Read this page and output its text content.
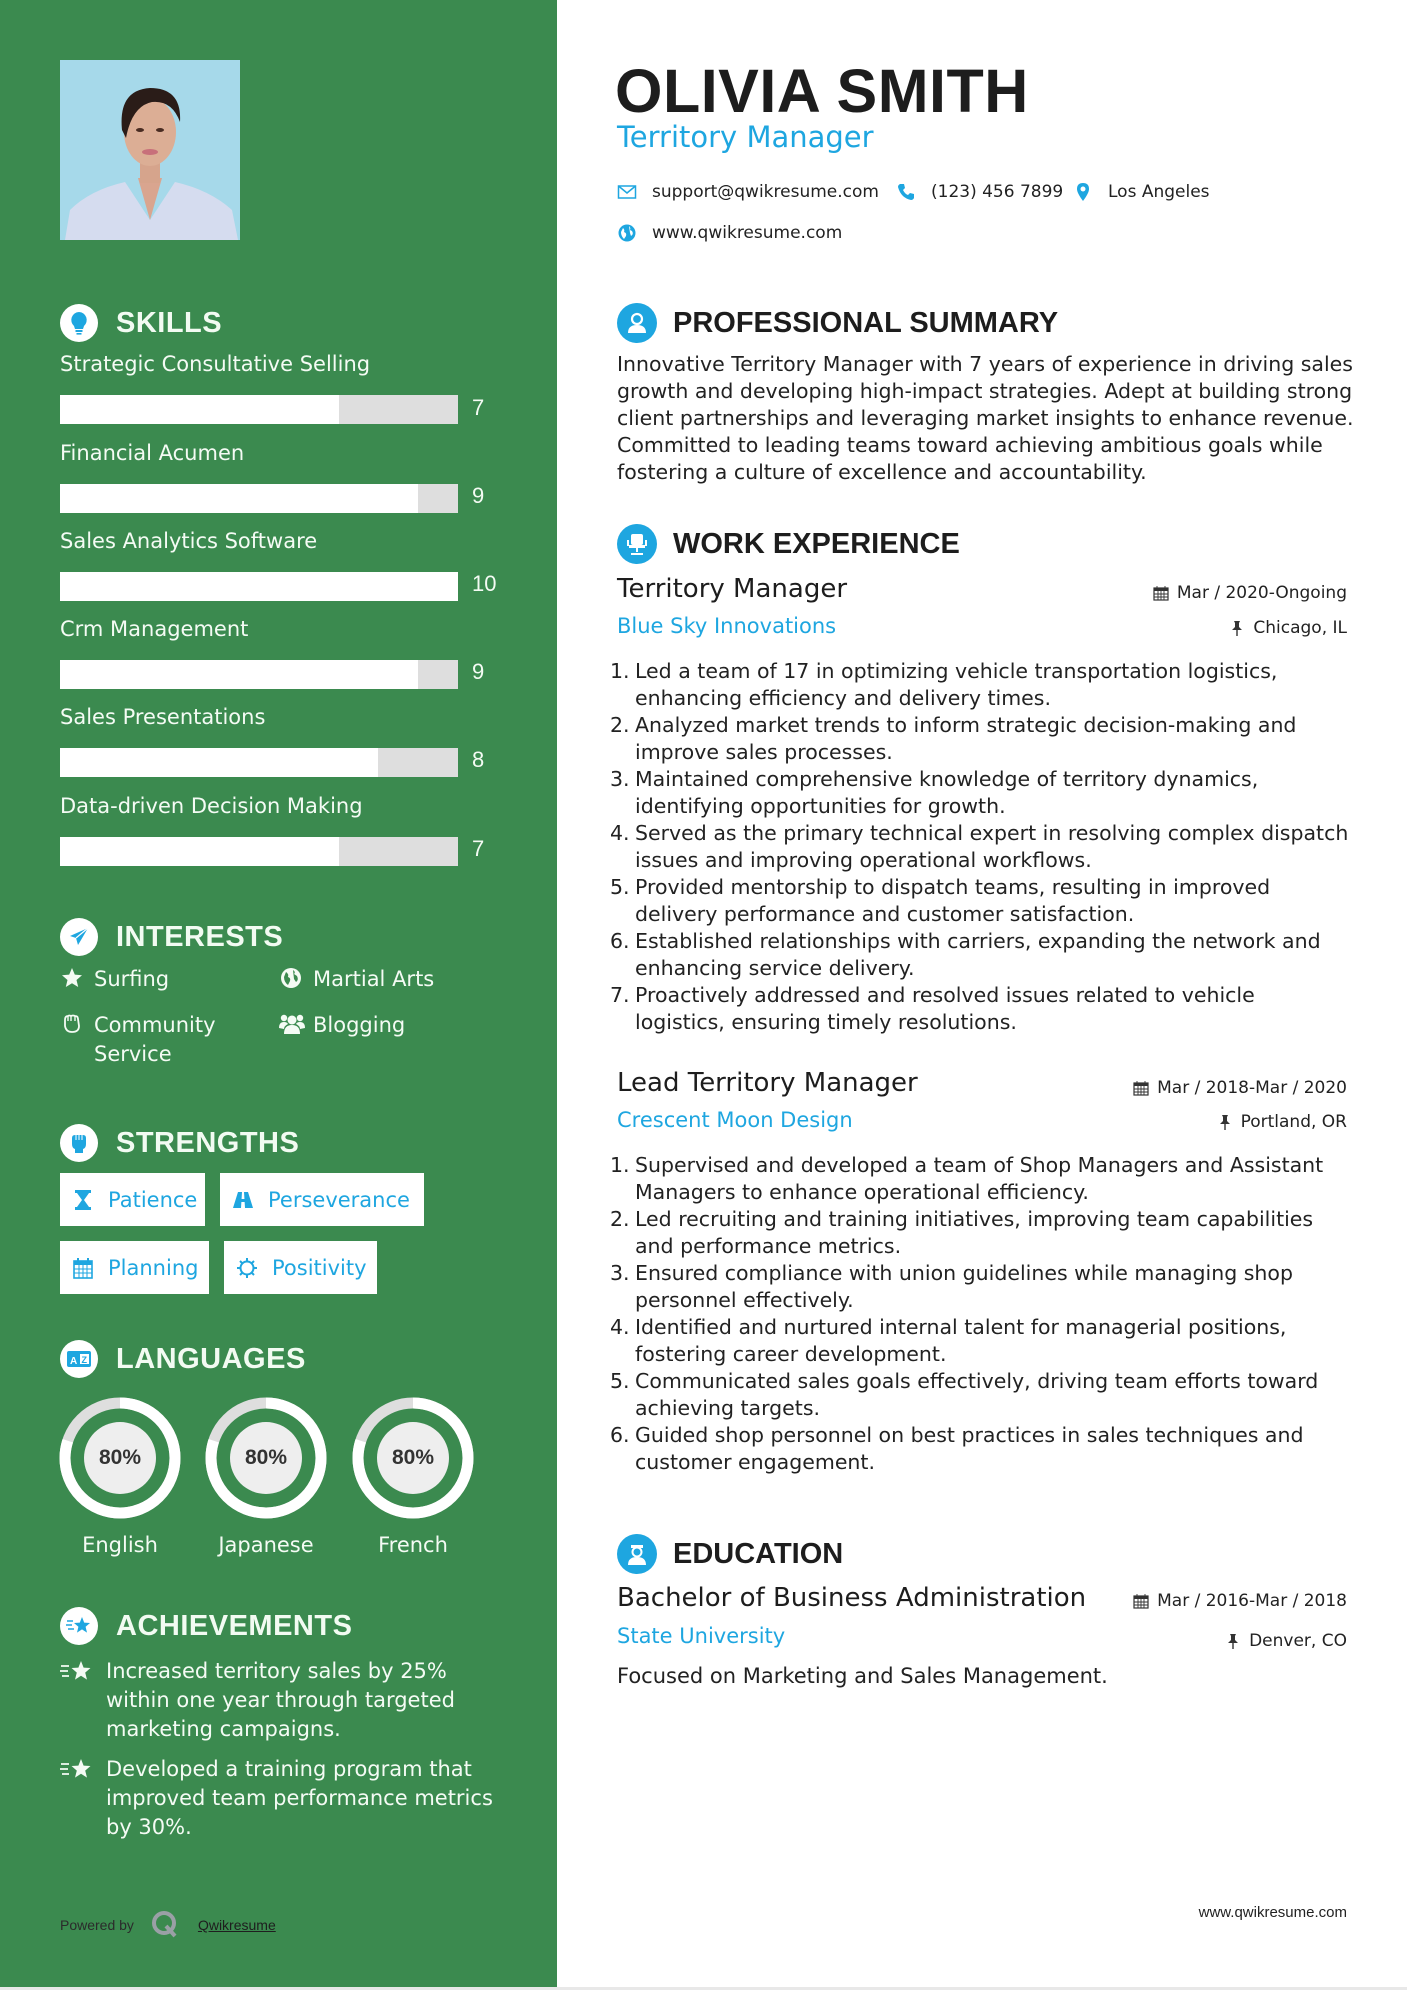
SKILLS
Strategic Consultative Selling
7
Financial Acumen
9
Sales Analytics Software
10
Crm Management
9
Sales Presentations
8
Data-driven Decision Making
7
INTERESTS
Surfing	Martial Arts
Community Service
Blogging
STRENGTHS
Patience	Perseverance
Planning	Positivity
A Z LANGUAGES
80%
English
80%
Japanese
80%
French
ACHIEVEMENTS
Increased territory sales by 25% within one year through targeted marketing campaigns.
Developed a training program that improved team performance metrics by 30%.
Powered by	Qwikresume
OLIVIA SMITH
Territory Manager
support@qwikresume.com	(123) 456 7899	Los Angeles
www.qwikresume.com
PROFESSIONAL SUMMARY
Innovative Territory Manager with 7 years of experience in driving sales growth and developing high-impact strategies. Adept at building strong client partnerships and leveraging market insights to enhance revenue. Committed to leading teams toward achieving ambitious goals while fostering a culture of excellence and accountability.
WORK EXPERIENCE
Territory Manager	Mar / 2020-Ongoing
Blue Sky Innovations	Chicago, IL
1. Led a team of 17 in optimizing vehicle transportation logistics, enhancing efficiency and delivery times.
2. Analyzed market trends to inform strategic decision-making and improve sales processes.
3. Maintained comprehensive knowledge of territory dynamics, identifying opportunities for growth.
4. Served as the primary technical expert in resolving complex dispatch issues and improving operational workflows.
5. Provided mentorship to dispatch teams, resulting in improved delivery performance and customer satisfaction.
6. Established relationships with carriers, expanding the network and enhancing service delivery.
7. Proactively addressed and resolved issues related to vehicle logistics, ensuring timely resolutions.
Lead Territory Manager	Mar / 2018-Mar / 2020
Crescent Moon Design	Portland, OR
1. Supervised and developed a team of Shop Managers and Assistant Managers to enhance operational efficiency.
2. Led recruiting and training initiatives, improving team capabilities and performance metrics.
3. Ensured compliance with union guidelines while managing shop personnel effectively.
4. Identified and nurtured internal talent for managerial positions, fostering career development.
5. Communicated sales goals effectively, driving team efforts toward achieving targets.
6. Guided shop personnel on best practices in sales techniques and customer engagement.
EDUCATION
Bachelor of Business Administration	Mar / 2016-Mar / 2018
State University	Denver, CO
Focused on Marketing and Sales Management.
www.qwikresume.com
